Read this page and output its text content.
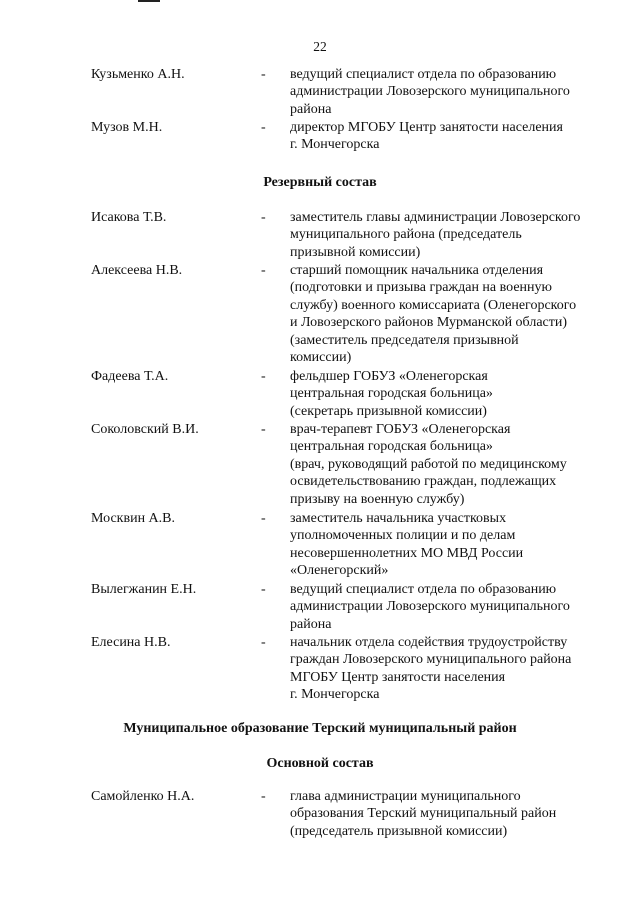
22
Кузьменко А.Н.	- ведущий специалист отдела по образованию
администрации Ловозерского муниципального
района
Музов М.Н.	- директор МГОБУ Центр занятости населения
г. Мончегорска
Резервный состав
Исакова Т.В.	- заместитель главы администрации Ловозерского
муниципального района (председатель
призывной комиссии)
Алексеева Н.В.	- старший помощник начальника отделения
(подготовки и призыва граждан на военную
службу) военного комиссариата (Оленегорского
и Ловозерского районов Мурманской области)
(заместитель председателя призывной
комиссии)
Фадеева Т.А.	- фельдшер ГОБУЗ «Оленегорская
центральная городская больница»
(секретарь призывной комиссии)
Соколовский В.И.	- врач-терапевт ГОБУЗ «Оленегорская
центральная городская больница»
(врач, руководящий работой по медицинскому
освидетельствованию граждан, подлежащих
призыву на военную службу)
Москвин А.В.	- заместитель начальника участковых
уполномоченных полиции и по делам
несовершеннолетних МО МВД России
«Оленегорский»
Вылегжанин Е.Н.	- ведущий специалист отдела по образованию
администрации Ловозерского муниципального
района
Елесина Н.В.	- начальник отдела содействия трудоустройству
граждан Ловозерского муниципального района
МГОБУ Центр занятости населения
г. Мончегорска
Муниципальное образование Терский муниципальный район
Основной состав
Самойленко Н.А.	- глава администрации муниципального
образования Терский муниципальный район
(председатель призывной комиссии)
